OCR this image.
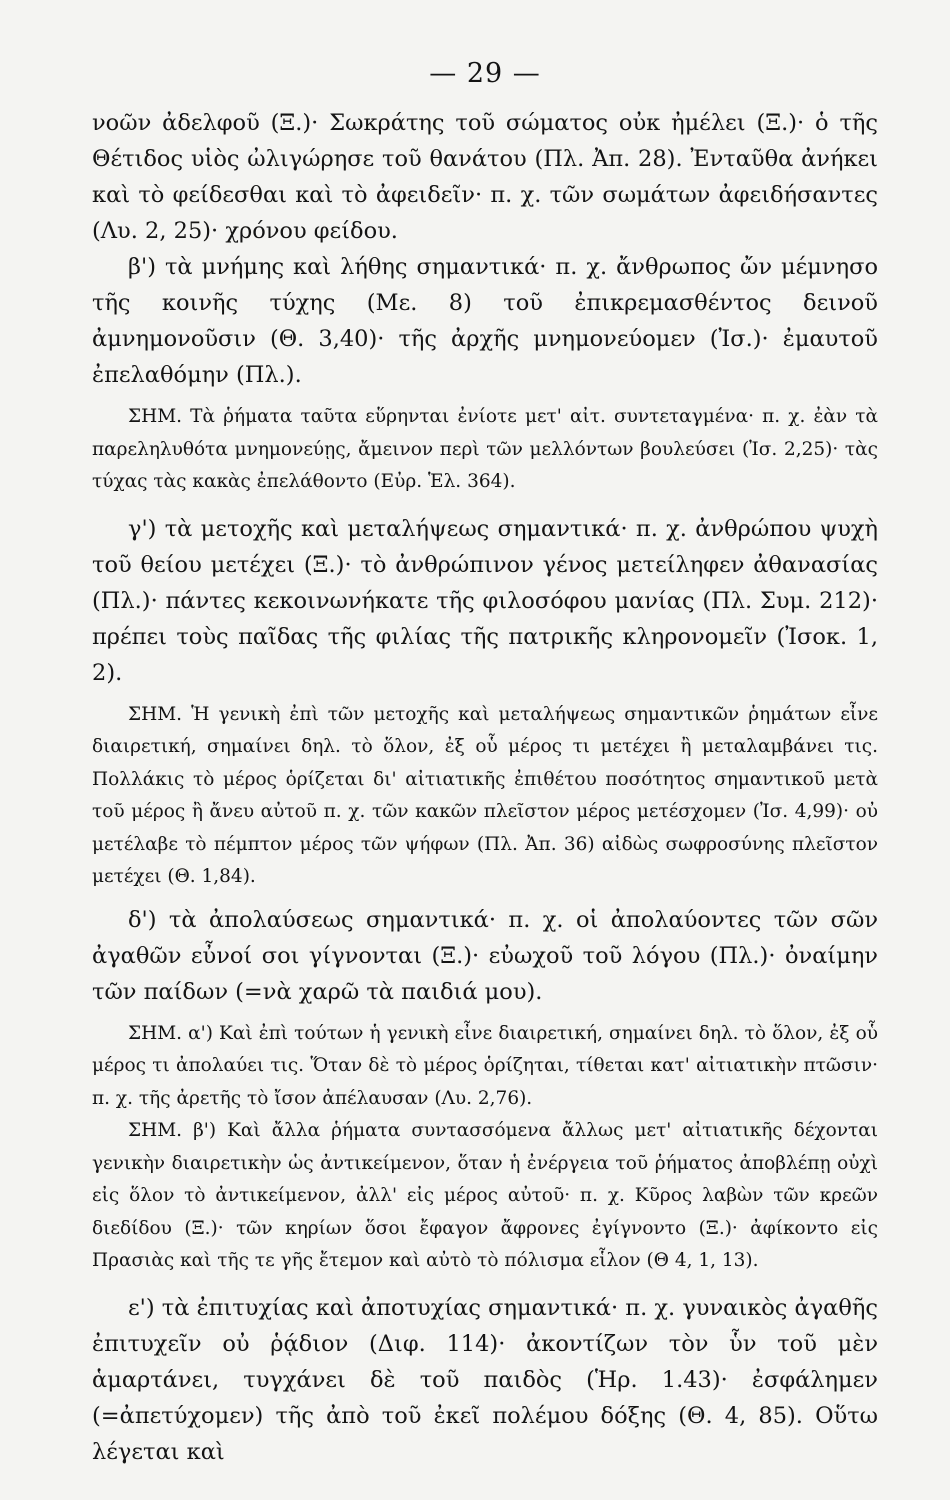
— 29 —

νοῶν ἀδελφοῦ (Ξ.)· Σωκράτης τοῦ σώματος οὐκ ἠμέλει (Ξ.)· ὁ τῆς Θέτιδος υἱὸς ὠλιγώρησε τοῦ θανάτου (Πλ. Ἀπ. 28). Ἐνταῦθα ἀνήκει καὶ τὸ φείδεσθαι καὶ τὸ ἀφειδεῖν· π. χ. τῶν σωμάτων ἀφειδήσαντες (Λυ. 2, 25)· χρόνου φείδου.

β') τὰ μνήμης καὶ λήθης σημαντικά· π. χ. ἄνθρωπος ὤν μέμνησο τῆς κοινῆς τύχης (Με. 8) τοῦ ἐπικρεμασθέντος δεινοῦ ἀμνημονοῦσιν (Θ. 3,40)· τῆς ἀρχῆς μνημονεύομεν (Ἰσ.)· ἐμαυτοῦ ἐπελαθόμην (Πλ.).

ΣΗΜ. Τὰ ῥήματα ταῦτα εὕρηνται ἐνίοτε μετ' αἰτ. συντεταγμένα· π. χ. ἐὰν τὰ παρεληλυθότα μνημονεύῃς, ἄμεινον περὶ τῶν μελλόντων βουλεύσει (Ἰσ. 2,25)· τὰς τύχας τὰς κακὰς ἐπελάθοντο (Εὐρ. Ἑλ. 364).

γ') τὰ μετοχῆς καὶ μεταλήψεως σημαντικά· π. χ. ἀνθρώπου ψυχὴ τοῦ θείου μετέχει (Ξ.)· τὸ ἀνθρώπινον γένος μετείληφεν ἀθανασίας (Πλ.)· πάντες κεκοινωνήκατε τῆς φιλοσόφου μανίας (Πλ. Συμ. 212)· πρέπει τοὺς παῖδας τῆς φιλίας τῆς πατρικῆς κληρονομεῖν (Ἰσοκ. 1, 2).

ΣΗΜ. Ἡ γενικὴ ἐπὶ τῶν μετοχῆς καὶ μεταλήψεως σημαντικῶν ῥημάτων εἶνε διαιρετική, σημαίνει δηλ. τὸ ὅλον, ἐξ οὗ μέρος τι μετέχει ἢ μεταλαμβάνει τις. Πολλάκις τὸ μέρος ὁρίζεται δι' αἰτιατικῆς ἐπιθέτου ποσότητος σημαντικοῦ μετὰ τοῦ μέρος ἢ ἄνευ αὐτοῦ π. χ. τῶν κακῶν πλεῖστον μέρος μετέσχομεν (Ἰσ. 4,99)· οὐ μετέλαβε τὸ πέμπτον μέρος τῶν ψήφων (Πλ. Ἀπ. 36) αἰδὼς σωφροσύνης πλεῖστον μετέχει (Θ. 1,84).

δ') τὰ ἀπολαύσεως σημαντικά· π. χ. οἱ ἀπολαύοντες τῶν σῶν ἀγαθῶν εὖνοί σοι γίγνονται (Ξ.)· εὐωχοῦ τοῦ λόγου (Πλ.)· ὀναίμην τῶν παίδων (=νὰ χαρῶ τὰ παιδιά μου).

ΣΗΜ. α') Καὶ ἐπὶ τούτων ἡ γενικὴ εἶνε διαιρετική, σημαίνει δηλ. τὸ ὅλον, ἐξ οὗ μέρος τι ἀπολαύει τις. Ὅταν δὲ τὸ μέρος ὁρίζηται, τίθεται κατ' αἰτιατικὴν πτῶσιν· π. χ. τῆς ἀρετῆς τὸ ἴσον ἀπέλαυσαν (Λυ. 2,76).

ΣΗΜ. β') Καὶ ἄλλα ῥήματα συντασσόμενα ἄλλως μετ' αἰτιατικῆς δέχονται γενικὴν διαιρετικὴν ὡς ἀντικείμενον, ὅταν ἡ ἐνέργεια τοῦ ῥήματος ἀποβλέπῃ οὐχὶ εἰς ὅλον τὸ ἀντικείμενον, ἀλλ' εἰς μέρος αὐτοῦ· π. χ. Κῦρος λαβὼν τῶν κρεῶν διεδίδου (Ξ.)· τῶν κηρίων ὅσοι ἔφαγον ἄφρονες ἐγίγνοντο (Ξ.)· ἀφίκοντο εἰς Πρασιὰς καὶ τῆς τε γῆς ἔτεμον καὶ αὐτὸ τὸ πόλισμα εἷλον (Θ 4, 1, 13).

ε') τὰ ἐπιτυχίας καὶ ἀποτυχίας σημαντικά· π. χ. γυναικὸς ἀγαθῆς ἐπιτυχεῖν οὐ ῥᾴδιον (Διφ. 114)· ἀκοντίζων τὸν ὗν τοῦ μὲν ἁμαρτάνει, τυγχάνει δὲ τοῦ παιδὸς (Ἡρ. 1.43)· ἐσφάλημεν (=ἀπετύχομεν) τῆς ἀπὸ τοῦ ἐκεῖ πολέμου δόξης (Θ. 4, 85). Οὕτω λέγεται καὶ
